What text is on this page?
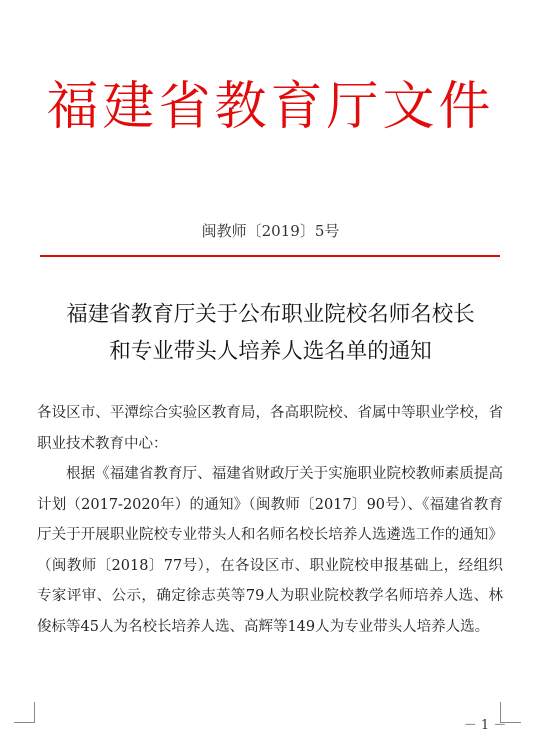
福建省教育厅文件
闽教师〔2019〕5号
福建省教育厅关于公布职业院校名师名校长
和专业带头人培养人选名单的通知

各设区市、平潭综合实验区教育局，各高职院校、省属中等职业学校，省职业技术教育中心：

根据《福建省教育厅、福建省财政厅关于实施职业院校教师素质提高计划（2017-2020年）的通知》（闽教师〔2017〕90号）、《福建省教育厅关于开展职业院校专业带头人和名师名校长培养人选遴选工作的通知》（闽教师〔2018〕77号），在各设区市、职业院校申报基础上，经组织专家评审、公示，确定徐志英等79人为职业院校教学名师培养人选、林俊标等45人为名校长培养人选、高辉等149人为专业带头人培养人选。

－ 1 －
